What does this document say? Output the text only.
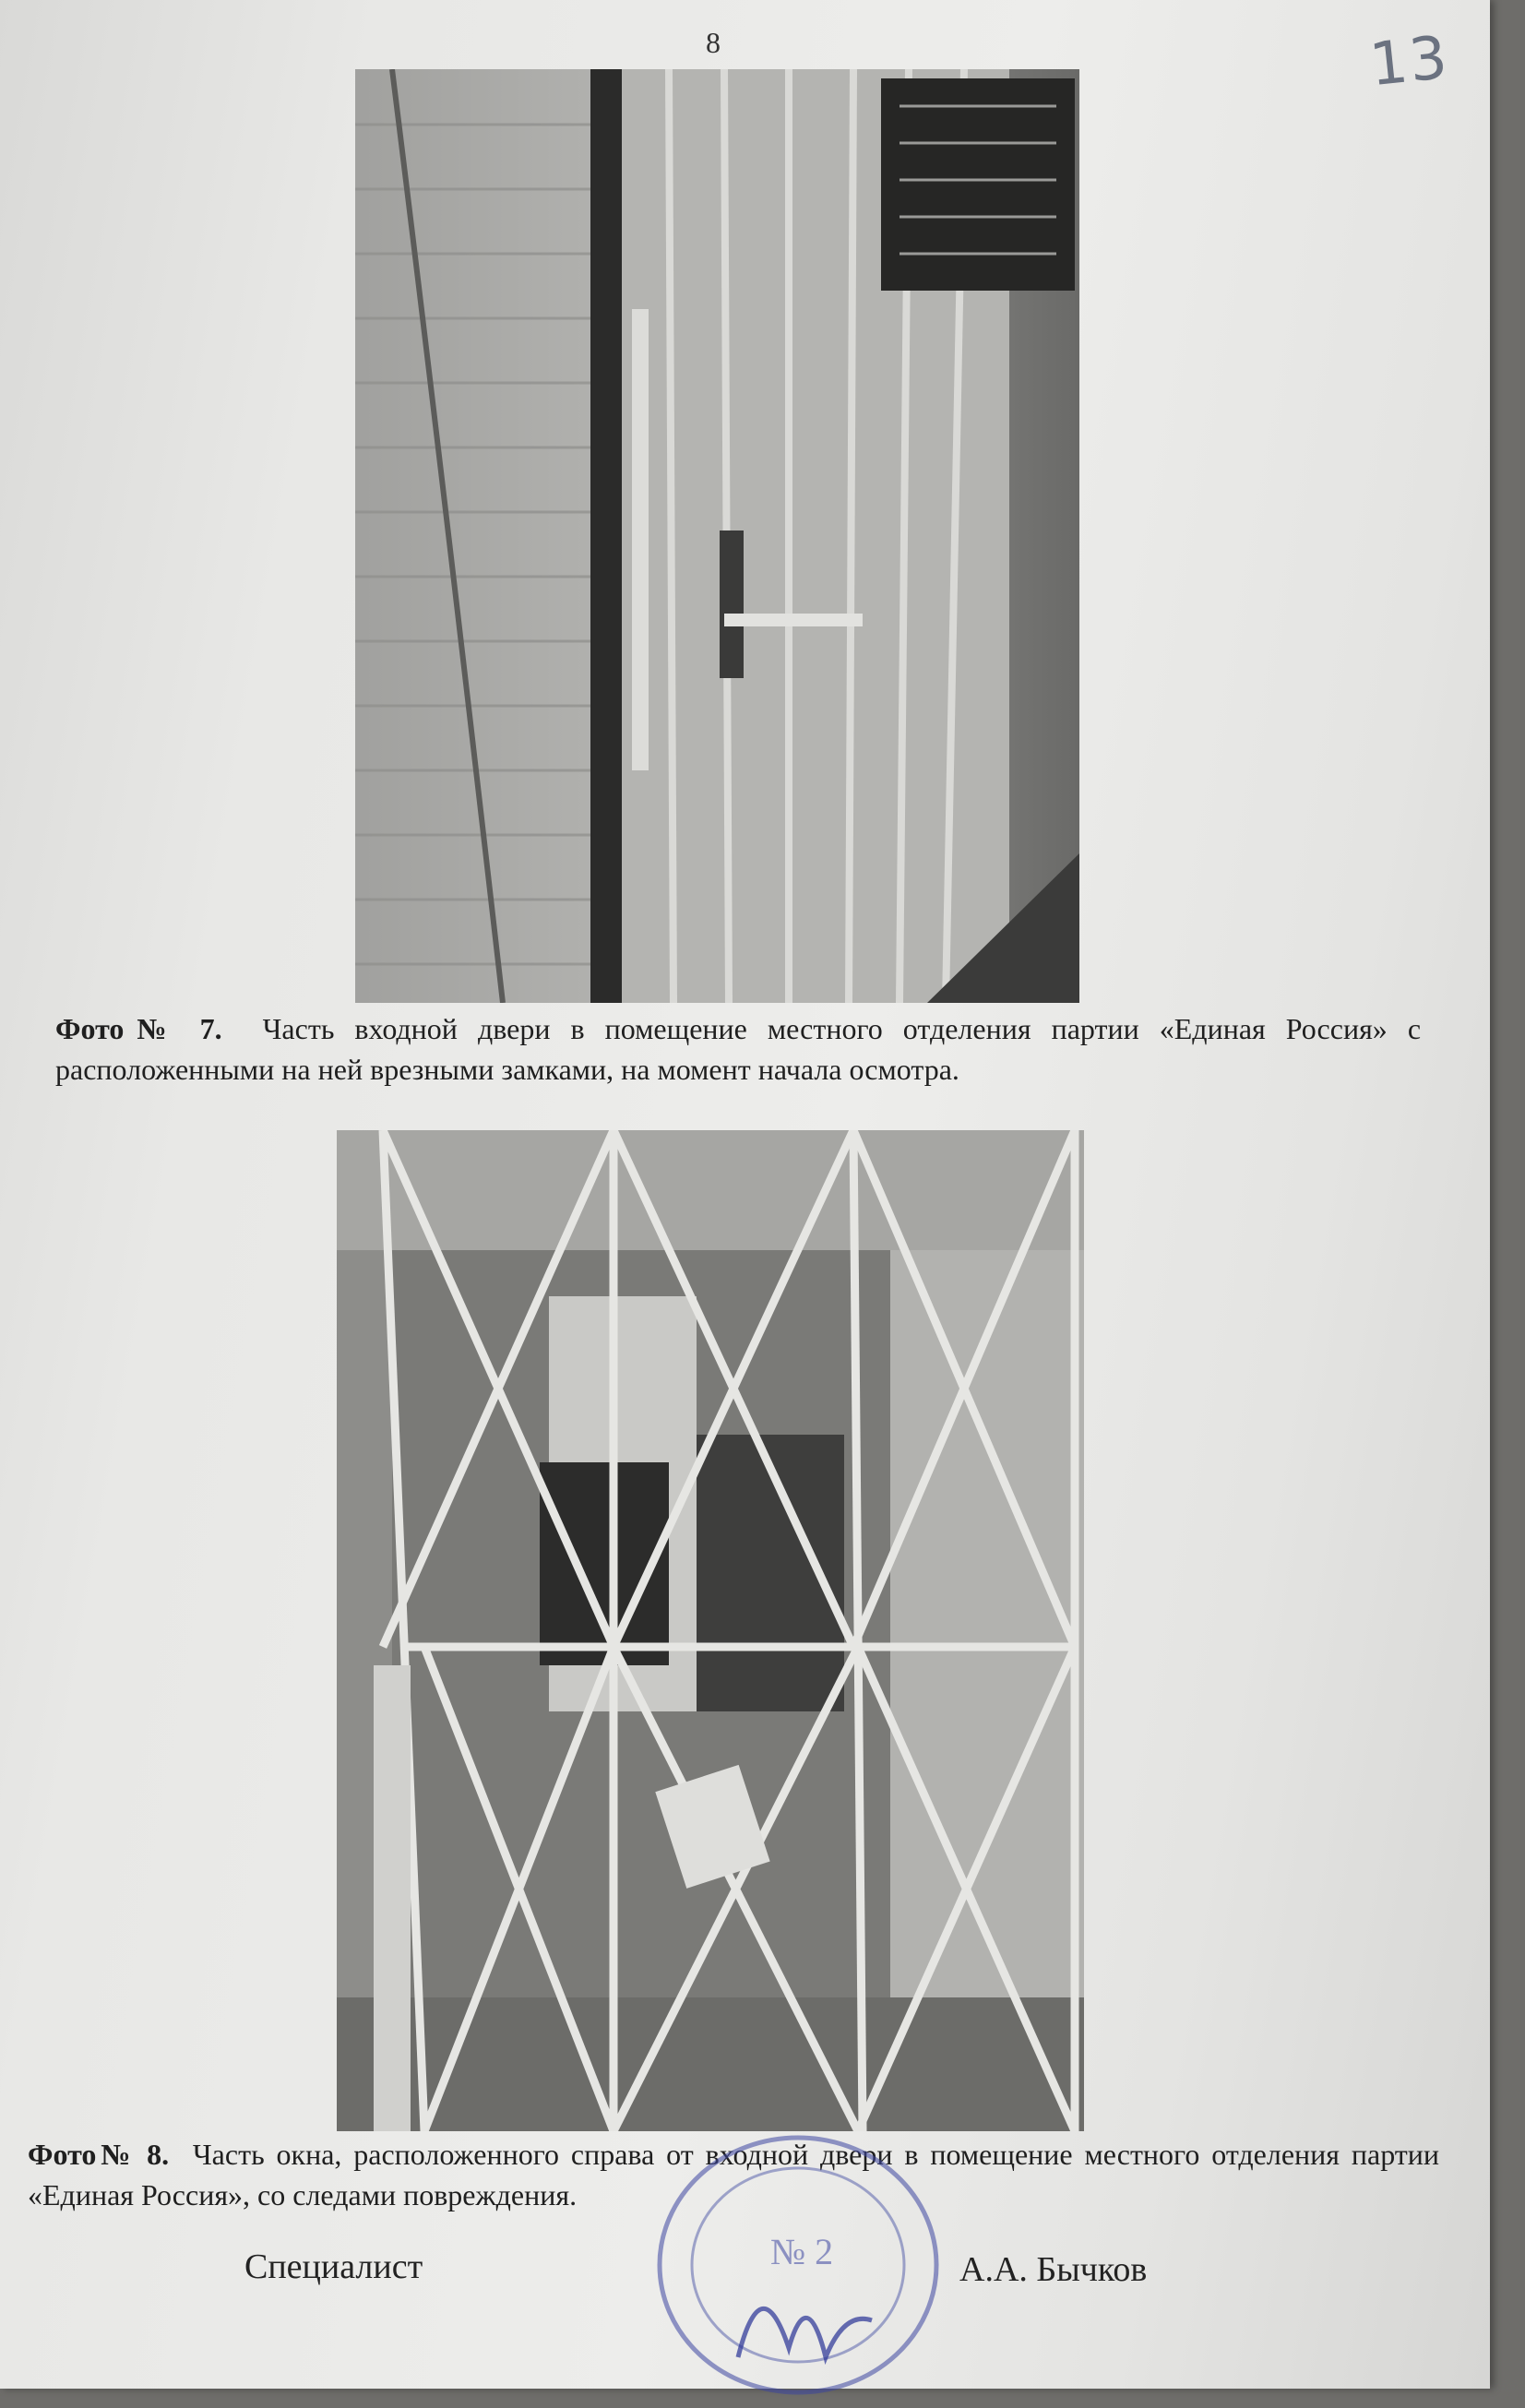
8	13
Фото№ 7. Часть входной двери в помещение местного отделения партии «Единая Россия» с расположенными на ней врезными замками, на момент начала осмотра.
Фото№ 8. Часть окна, расположенного справа от входной двери в помещение местного отделения партии «Единая Россия», со следами повреждения.
Специалист	А.А. Бычков
№ 2
